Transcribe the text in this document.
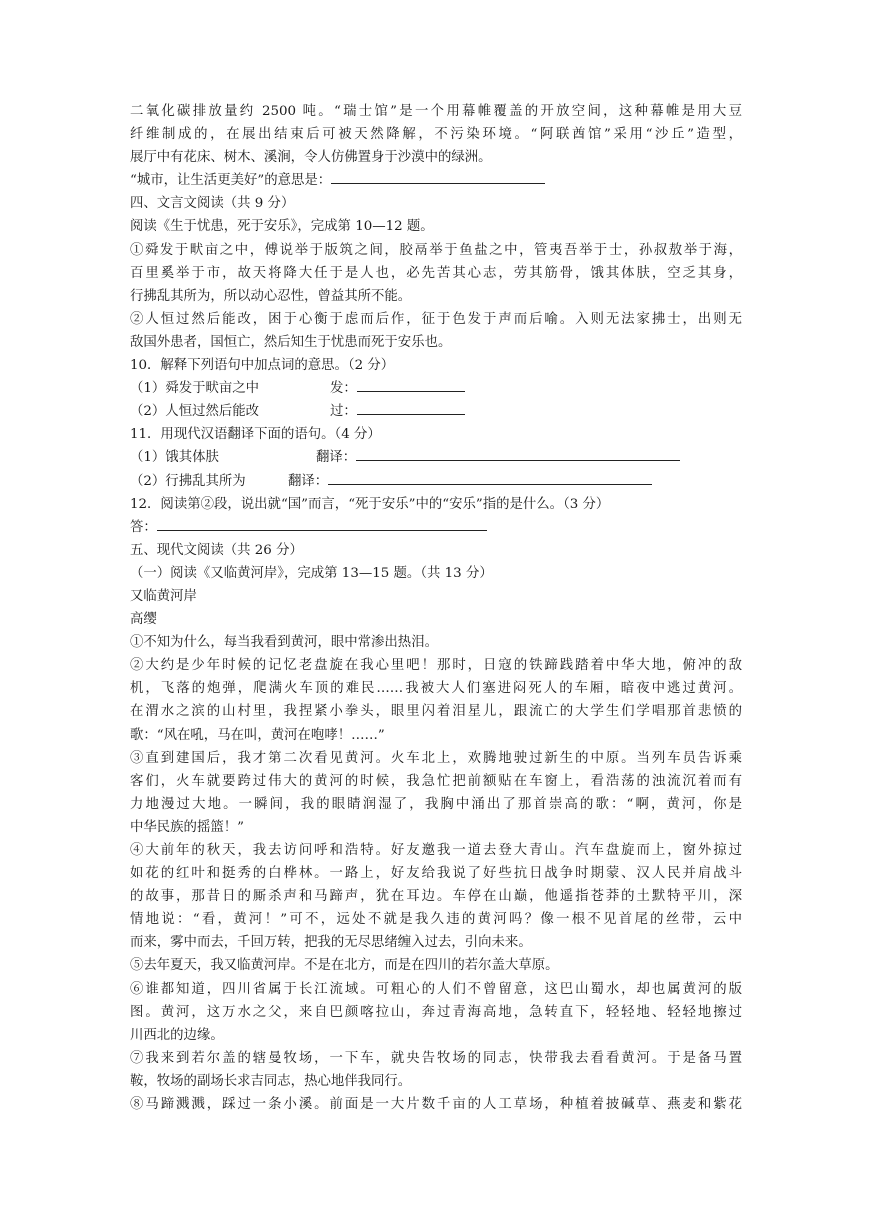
二氧化碳排放量约 2500 吨。“瑞士馆”是一个用幕帷覆盖的开放空间，这种幕帷是用大豆
纤维制成的，在展出结束后可被天然降解，不污染环境。“阿联酋馆”采用“沙丘”造型，
展厅中有花床、树木、溪涧，令人仿佛置身于沙漠中的绿洲。
“城市，让生活更美好”的意思是：
四、文言文阅读（共 9 分）
阅读《生于忧患，死于安乐》，完成第 10—12 题。
①舜发于畎亩之中，傅说举于版筑之间，胶鬲举于鱼盐之中，管夷吾举于士，孙叔敖举于海，
百里奚举于市，故天将降大任于是人也，必先苦其心志，劳其筋骨，饿其体肤，空乏其身，
行拂乱其所为，所以动心忍性，曾益其所不能。
②人恒过然后能改，困于心衡于虑而后作，征于色发于声而后喻。入则无法家拂士，出则无
敌国外患者，国恒亡，然后知生于忧患而死于安乐也。
10．解释下列语句中加点词的意思。（2 分）
（1）舜发于畎亩之中	发：
（2）人恒过然后能改	过：
11．用现代汉语翻译下面的语句。（4 分）
（1）饿其体肤	翻译：
（2）行拂乱其所为	翻译：
12．阅读第②段，说出就“国”而言，“死于安乐”中的“安乐”指的是什么。（3 分）
答：
五、现代文阅读（共 26 分）
（一）阅读《又临黄河岸》，完成第 13—15 题。（共 13 分）
又临黄河岸
高缨
①不知为什么，每当我看到黄河，眼中常渗出热泪。
②大约是少年时候的记忆老盘旋在我心里吧！那时，日寇的铁蹄践踏着中华大地，俯冲的敌
机，飞落的炮弹，爬满火车顶的难民……我被大人们塞进闷死人的车厢，暗夜中逃过黄河。
在渭水之滨的山村里，我捏紧小拳头，眼里闪着泪星儿，跟流亡的大学生们学唱那首悲愤的
歌：“风在吼，马在叫，黄河在咆哮！……”
③直到建国后，我才第二次看见黄河。火车北上，欢腾地驶过新生的中原。当列车员告诉乘
客们，火车就要跨过伟大的黄河的时候，我急忙把前额贴在车窗上，看浩荡的浊流沉着而有
力地漫过大地。一瞬间，我的眼睛润湿了，我胸中涌出了那首崇高的歌：“啊，黄河，你是
中华民族的摇篮！”
④大前年的秋天，我去访问呼和浩特。好友邀我一道去登大青山。汽车盘旋而上，窗外掠过
如花的红叶和挺秀的白桦林。一路上，好友给我说了好些抗日战争时期蒙、汉人民并肩战斗
的故事，那昔日的厮杀声和马蹄声，犹在耳边。车停在山巅，他遥指苍莽的土默特平川，深
情地说：“看，黄河！”可不，远处不就是我久违的黄河吗？像一根不见首尾的丝带，云中
而来，雾中而去，千回万转，把我的无尽思绪缠入过去，引向未来。
⑤去年夏天，我又临黄河岸。不是在北方，而是在四川的若尔盖大草原。
⑥谁都知道，四川省属于长江流域。可粗心的人们不曾留意，这巴山蜀水，却也属黄河的版
图。黄河，这万水之父，来自巴颜喀拉山，奔过青海高地，急转直下，轻轻地、轻轻地擦过
川西北的边缘。
⑦我来到若尔盖的辖曼牧场，一下车，就央告牧场的同志，快带我去看看黄河。于是备马置
鞍，牧场的副场长求吉同志，热心地伴我同行。
⑧马蹄溅溅，踩过一条小溪。前面是一大片数千亩的人工草场，种植着披碱草、燕麦和紫花
